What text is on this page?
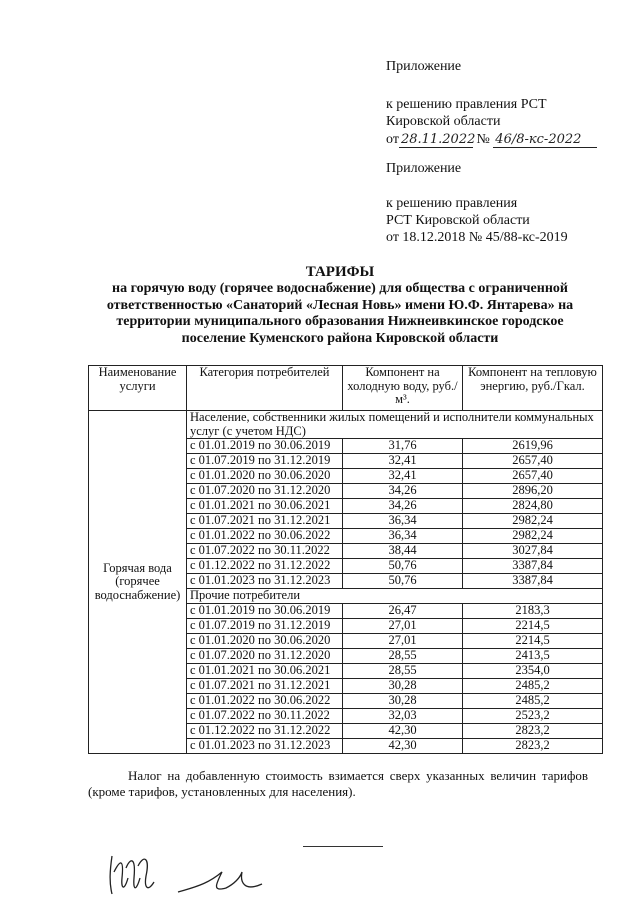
Приложение
к решению правления РСТ
Кировской области
от 28.11.2022 № 46/8-кс-2022
Приложение
к решению правления
РСТ Кировской области
от 18.12.2018 № 45/88-кс-2019
ТАРИФЫ
на горячую воду (горячее водоснабжение) для общества с ограниченной
ответственностью «Санаторий «Лесная Новь» имени Ю.Ф. Янтарева» на
территории муниципального образования Нижнеивкинское городское
поселение Куменского района Кировской области
Наименование услуги	Категория потребителей	Компонент на холодную воду, руб./м³.	Компонент на тепловую энергию, руб./Гкал.

Горячая вода
(горячее
водоснабжение)	Население, собственники жилых помещений и исполнители коммунальных услуг (с учетом НДС)		
	с 01.01.2019 по 30.06.2019	31,76	2619,96
	с 01.07.2019 по 31.12.2019	32,41	2657,40
	с 01.01.2020 по 30.06.2020	32,41	2657,40
	с 01.07.2020 по 31.12.2020	34,26	2896,20
	с 01.01.2021 по 30.06.2021	34,26	2824,80
	с 01.07.2021 по 31.12.2021	36,34	2982,24
	с 01.01.2022 по 30.06.2022	36,34	2982,24
	с 01.07.2022 по 30.11.2022	38,44	3027,84
	с 01.12.2022 по 31.12.2022	50,76	3387,84
	с 01.01.2023 по 31.12.2023	50,76	3387,84
	Прочие потребители		
	с 01.01.2019 по 30.06.2019	26,47	2183,3
	с 01.07.2019 по 31.12.2019	27,01	2214,5
	с 01.01.2020 по 30.06.2020	27,01	2214,5
	с 01.07.2020 по 31.12.2020	28,55	2413,5
	с 01.01.2021 по 30.06.2021	28,55	2354,0
	с 01.07.2021 по 31.12.2021	30,28	2485,2
	с 01.01.2022 по 30.06.2022	30,28	2485,2
	с 01.07.2022 по 30.11.2022	32,03	2523,2
	с 01.12.2022 по 31.12.2022	42,30	2823,2
	с 01.01.2023 по 31.12.2023	42,30	2823,2
Налог на добавленную стоимость взимается сверх указанных величин тарифов (кроме тарифов, установленных для населения).
